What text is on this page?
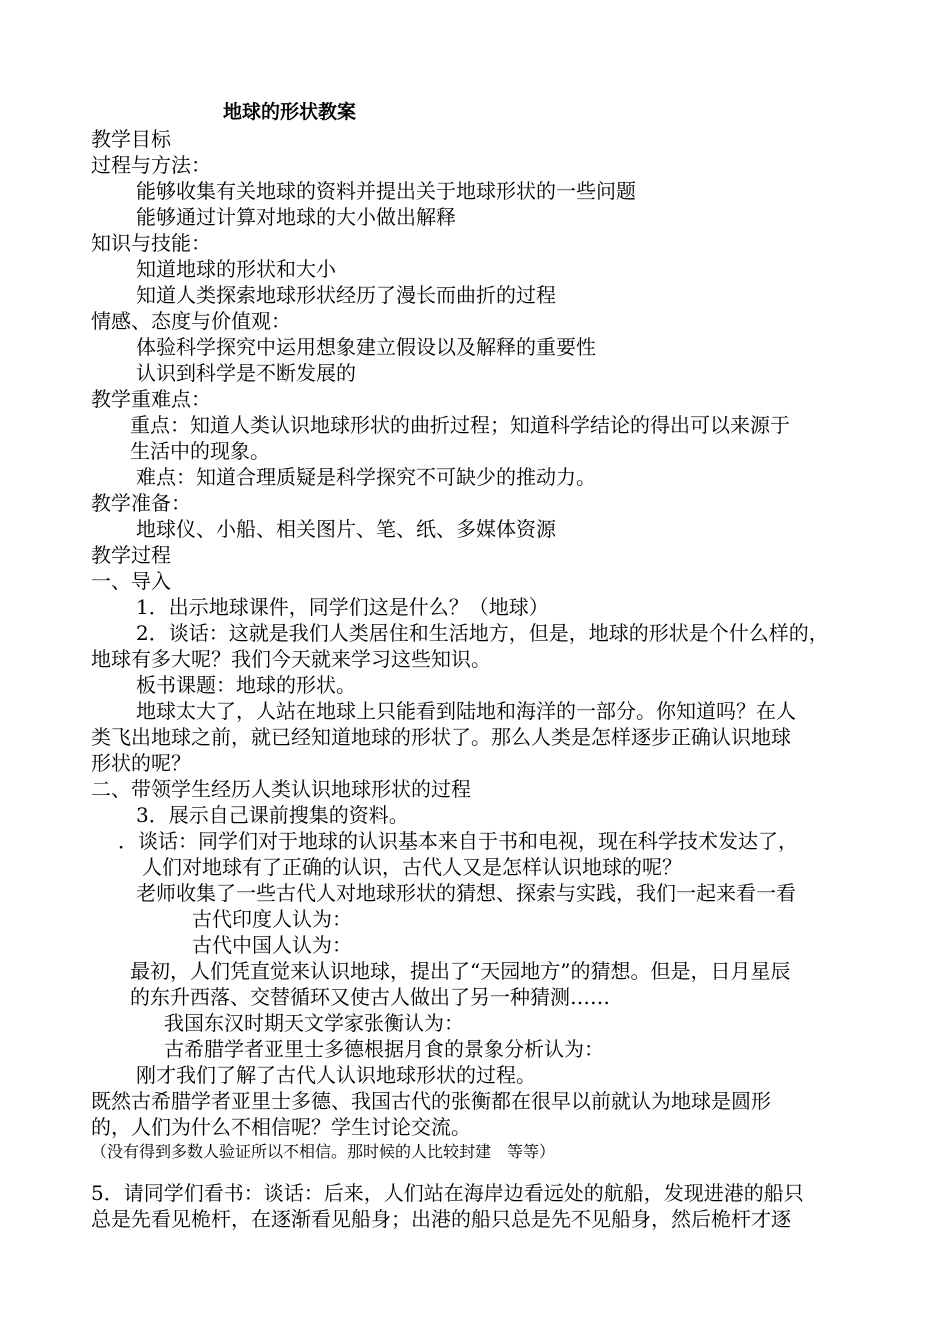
地球的形状教案
教学目标
过程与方法：
能够收集有关地球的资料并提出关于地球形状的一些问题
能够通过计算对地球的大小做出解释
知识与技能：
知道地球的形状和大小
知道人类探索地球形状经历了漫长而曲折的过程
情感、态度与价值观：
体验科学探究中运用想象建立假设以及解释的重要性
认识到科学是不断发展的
教学重难点：
重点：知道人类认识地球形状的曲折过程；知道科学结论的得出可以来源于
生活中的现象。
难点：知道合理质疑是科学探究不可缺少的推动力。
教学准备：
地球仪、小船、相关图片、笔、纸、多媒体资源
教学过程
一、导入
1．出示地球课件，同学们这是什么？（地球）
2．谈话：这就是我们人类居住和生活地方，但是，地球的形状是个什么样的，
地球有多大呢？我们今天就来学习这些知识。
板书课题：地球的形状。
地球太大了，人站在地球上只能看到陆地和海洋的一部分。你知道吗？在人
类飞出地球之前，就已经知道地球的形状了。那么人类是怎样逐步正确认识地球
形状的呢？
二、带领学生经历人类认识地球形状的过程
3．展示自己课前搜集的资料。
．谈话：同学们对于地球的认识基本来自于书和电视，现在科学技术发达了，
人们对地球有了正确的认识，古代人又是怎样认识地球的呢？
老师收集了一些古代人对地球形状的猜想、探索与实践，我们一起来看一看
古代印度人认为：
古代中国人认为：
最初，人们凭直觉来认识地球，提出了“天园地方”的猜想。但是，日月星辰
的东升西落、交替循环又使古人做出了另一种猜测……
我国东汉时期天文学家张衡认为：
古希腊学者亚里士多德根据月食的景象分析认为：
刚才我们了解了古代人认识地球形状的过程。
既然古希腊学者亚里士多德、我国古代的张衡都在很早以前就认为地球是圆形
的，人们为什么不相信呢？学生讨论交流。
（没有得到多数人验证所以不相信。那时候的人比较封建　等等）
5．请同学们看书：谈话：后来，人们站在海岸边看远处的航船，发现进港的船只
总是先看见桅杆，在逐渐看见船身；出港的船只总是先不见船身，然后桅杆才逐
